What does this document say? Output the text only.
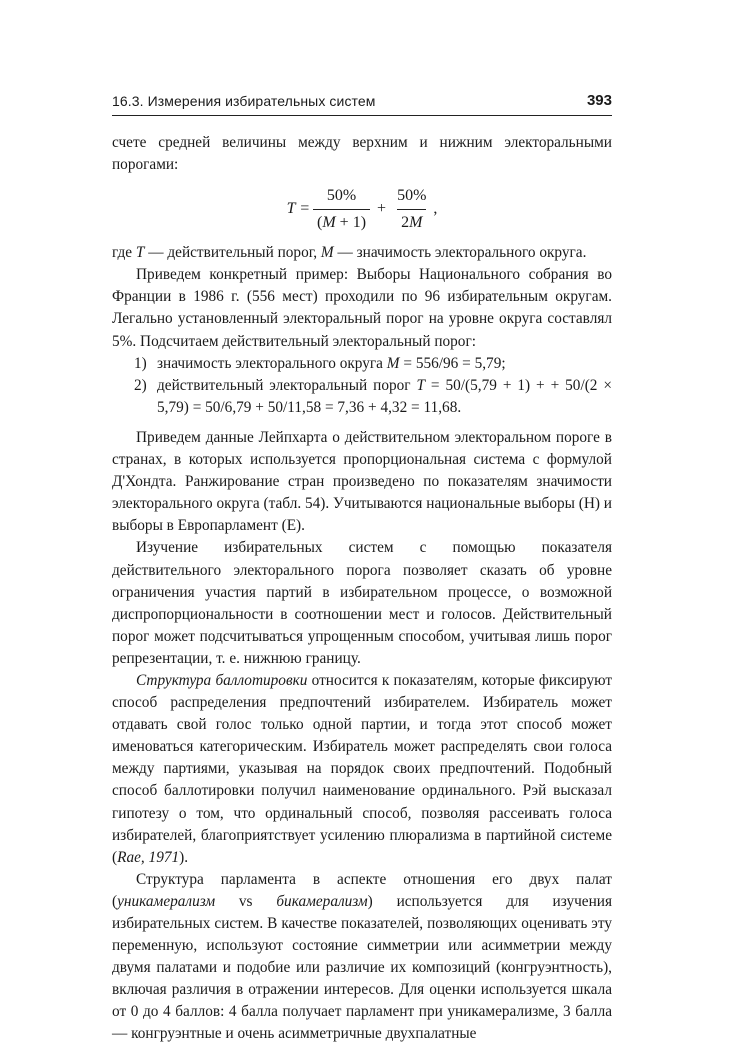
16.3. Измерения избирательных систем	393

счете средней величины между верхним и нижним электоральными порогами:

$T = \frac{50\%}{(M + 1)} + \frac{50\%}{2M}$ ,

где T — действительный порог, M — значимость электорального округа.

Приведем конкретный пример: Выборы Национального собрания во Франции в 1986 г. (556 мест) проходили по 96 избирательным округам. Легально установленный электоральный порог на уровне округа составлял 5%. Подсчитаем действительный электоральный порог:

1) значимость электорального округа M = 556/96 = 5,79;
2) действительный электоральный порог T = 50/(5,79 + 1) + + 50/(2 × 5,79) = 50/6,79 + 50/11,58 = 7,36 + 4,32 = 11,68.

Приведем данные Лейпхарта о действительном электоральном пороге в странах, в которых используется пропорциональная система с формулой Д'Хондта. Ранжирование стран произведено по показателям значимости электорального округа (табл. 54). Учитываются национальные выборы (Н) и выборы в Европарламент (Е).

Изучение избирательных систем с помощью показателя действительного электорального порога позволяет сказать об уровне ограничения участия партий в избирательном процессе, о возможной диспропорциональности в соотношении мест и голосов. Действительный порог может подсчитываться упрощенным способом, учитывая лишь порог репрезентации, т. е. нижнюю границу.

Структура баллотировки относится к показателям, которые фиксируют способ распределения предпочтений избирателем. Избиратель может отдавать свой голос только одной партии, и тогда этот способ может именоваться категорическим. Избиратель может распределять свои голоса между партиями, указывая на порядок своих предпочтений. Подобный способ баллотировки получил наименование ординального. Рэй высказал гипотезу о том, что ординальный способ, позволяя рассеивать голоса избирателей, благоприятствует усилению плюрализма в партийной системе (Rae, 1971).

Структура парламента в аспекте отношения его двух палат (уникамерализм vs бикамерализм) используется для изучения избирательных систем. В качестве показателей, позволяющих оценивать эту переменную, используют состояние симметрии или асимметрии между двумя палатами и подобие или различие их композиций (конгруэнтность), включая различия в отражении интересов. Для оценки используется шкала от 0 до 4 баллов: 4 балла получает парламент при уникамерализме, 3 балла — конгруэнтные и очень асимметричные двухпалатные
